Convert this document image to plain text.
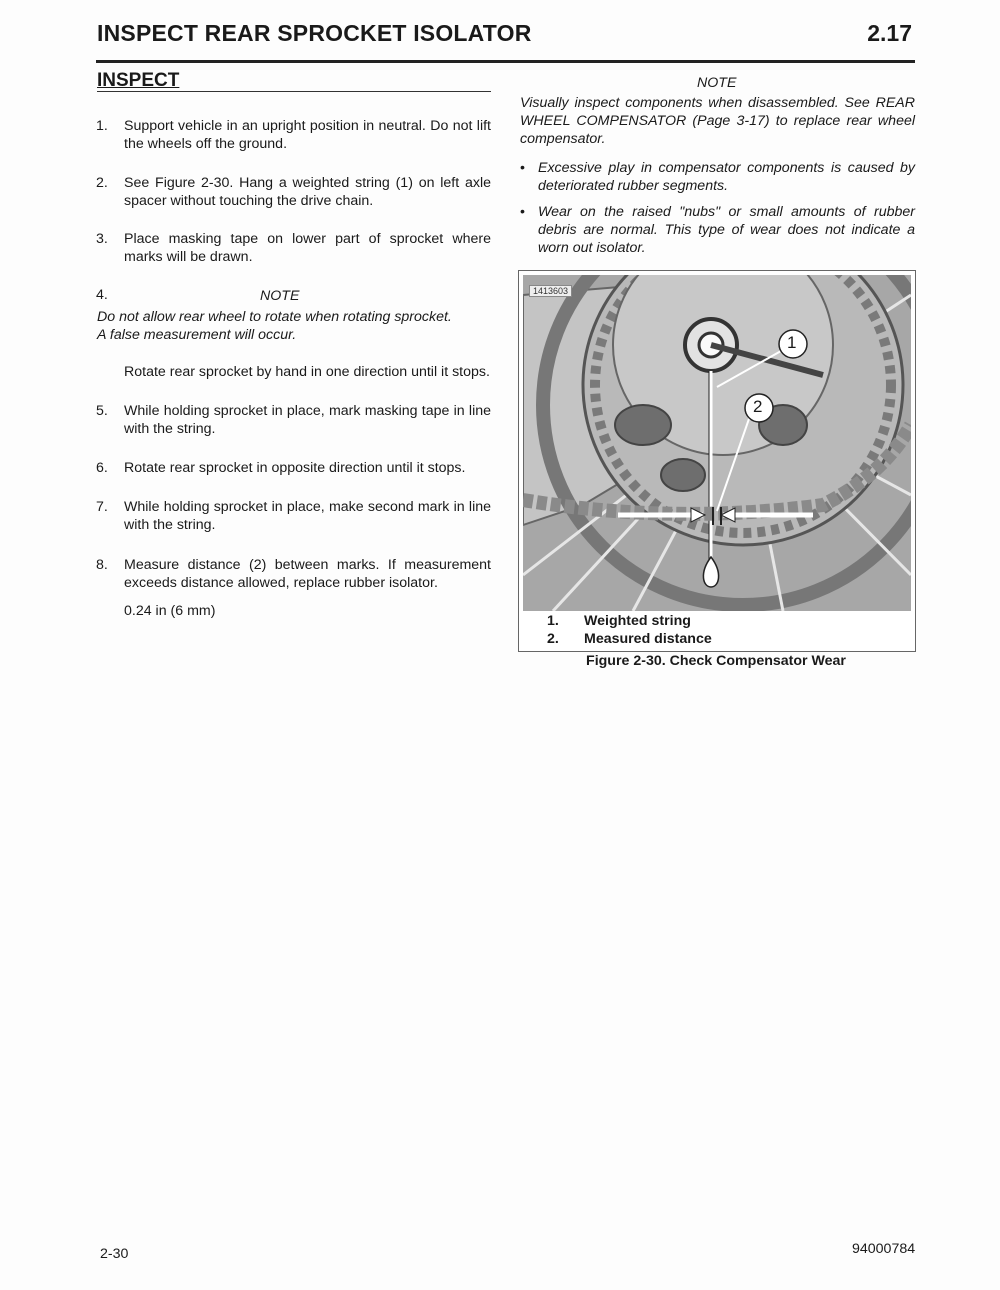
INSPECT REAR SPROCKET ISOLATOR	2.17
INSPECT
1. Support vehicle in an upright position in neutral. Do not lift the wheels off the ground.
2. See Figure 2-30. Hang a weighted string (1) on left axle spacer without touching the drive chain.
3. Place masking tape on lower part of sprocket where marks will be drawn.
4.	NOTE
Do not allow rear wheel to rotate when rotating sprocket.
A false measurement will occur.
Rotate rear sprocket by hand in one direction until it stops.
5. While holding sprocket in place, mark masking tape in line with the string.
6. Rotate rear sprocket in opposite direction until it stops.
7. While holding sprocket in place, make second mark in line with the string.
8. Measure distance (2) between marks. If measurement exceeds distance allowed, replace rubber isolator.
0.24 in (6 mm)
NOTE
Visually inspect components when disassembled. See REAR WHEEL COMPENSATOR (Page 3-17) to replace rear wheel compensator.
• Excessive play in compensator components is caused by deteriorated rubber segments.
• Wear on the raised "nubs" or small amounts of rubber debris are normal. This type of wear does not indicate a worn out isolator.
1
2
1413603
1. Weighted string
2. Measured distance
Figure 2-30. Check Compensator Wear
2-30	94000784
